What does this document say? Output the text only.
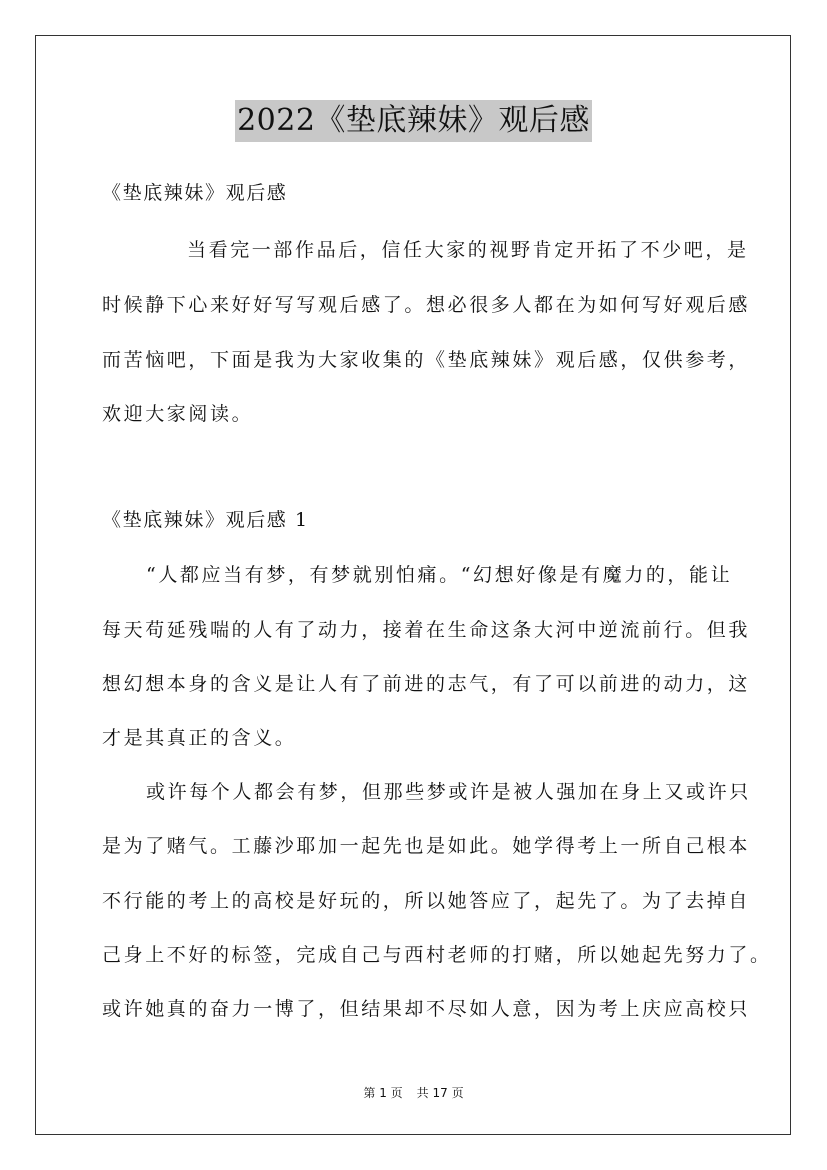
2022《垫底辣妹》观后感
《垫底辣妹》观后感
当看完一部作品后，信任大家的视野肯定开拓了不少吧，是
时候静下心来好好写写观后感了。想必很多人都在为如何写好观后感
而苦恼吧，下面是我为大家收集的《垫底辣妹》观后感，仅供参考，
欢迎大家阅读。
《垫底辣妹》观后感 1
“人都应当有梦，有梦就别怕痛。“幻想好像是有魔力的，能让
每天苟延残喘的人有了动力，接着在生命这条大河中逆流前行。但我
想幻想本身的含义是让人有了前进的志气，有了可以前进的动力，这
才是其真正的含义。
或许每个人都会有梦，但那些梦或许是被人强加在身上又或许只
是为了赌气。工藤沙耶加一起先也是如此。她学得考上一所自己根本
不行能的考上的高校是好玩的，所以她答应了，起先了。为了去掉自
己身上不好的标签，完成自己与西村老师的打赌，所以她起先努力了。
或许她真的奋力一博了，但结果却不尽如人意，因为考上庆应高校只
第 1 页 共 17 页
